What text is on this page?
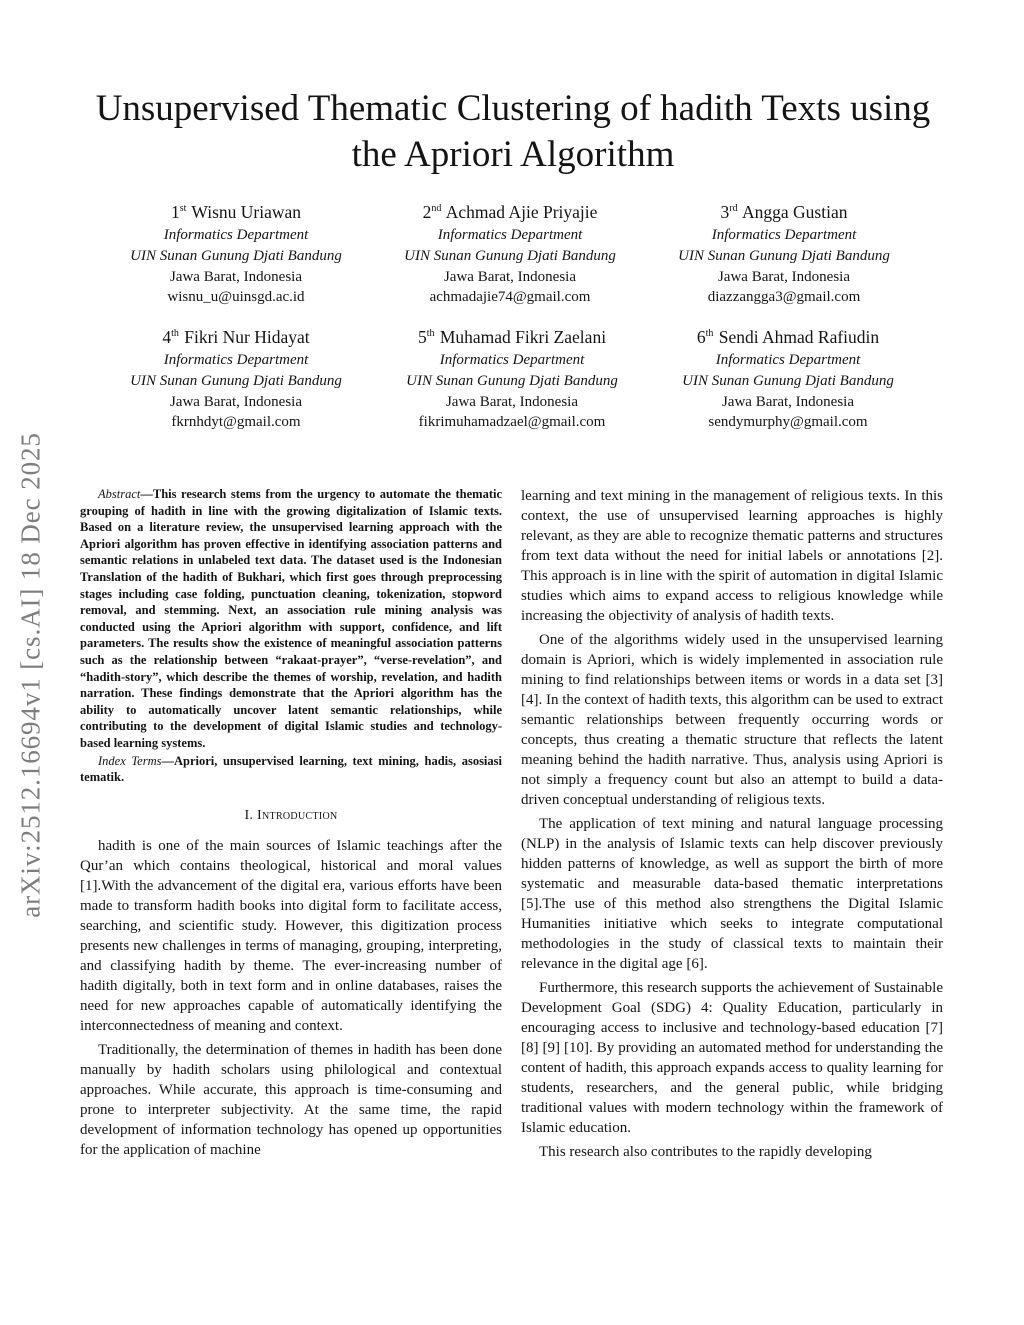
arXiv:2512.16694v1 [cs.AI] 18 Dec 2025
Unsupervised Thematic Clustering of hadith Texts using the Apriori Algorithm
1st Wisnu Uriawan
Informatics Department
UIN Sunan Gunung Djati Bandung
Jawa Barat, Indonesia
wisnu_u@uinsgd.ac.id
2nd Achmad Ajie Priyajie
Informatics Department
UIN Sunan Gunung Djati Bandung
Jawa Barat, Indonesia
achmadajie74@gmail.com
3rd Angga Gustian
Informatics Department
UIN Sunan Gunung Djati Bandung
Jawa Barat, Indonesia
diazzangga3@gmail.com
4th Fikri Nur Hidayat
Informatics Department
UIN Sunan Gunung Djati Bandung
Jawa Barat, Indonesia
fkrnhdyt@gmail.com
5th Muhamad Fikri Zaelani
Informatics Department
UIN Sunan Gunung Djati Bandung
Jawa Barat, Indonesia
fikrimuhamadzael@gmail.com
6th Sendi Ahmad Rafiudin
Informatics Department
UIN Sunan Gunung Djati Bandung
Jawa Barat, Indonesia
sendymurphy@gmail.com

Abstract—This research stems from the urgency to automate the thematic grouping of hadith in line with the growing digitalization of Islamic texts. Based on a literature review, the unsupervised learning approach with the Apriori algorithm has proven effective in identifying association patterns and semantic relations in unlabeled text data. The dataset used is the Indonesian Translation of the hadith of Bukhari, which first goes through preprocessing stages including case folding, punctuation cleaning, tokenization, stopword removal, and stemming. Next, an association rule mining analysis was conducted using the Apriori algorithm with support, confidence, and lift parameters. The results show the existence of meaningful association patterns such as the relationship between “rakaat-prayer”, “verse-revelation”, and “hadith-story”, which describe the themes of worship, revelation, and hadith narration. These findings demonstrate that the Apriori algorithm has the ability to automatically uncover latent semantic relationships, while contributing to the development of digital Islamic studies and technology-based learning systems.

Index Terms—Apriori, unsupervised learning, text mining, hadis, asosiasi tematik.

I. Introduction

hadith is one of the main sources of Islamic teachings after the Qur’an which contains theological, historical and moral values [1].With the advancement of the digital era, various efforts have been made to transform hadith books into digital form to facilitate access, searching, and scientific study. However, this digitization process presents new challenges in terms of managing, grouping, interpreting, and classifying hadith by theme. The ever-increasing number of hadith digitally, both in text form and in online databases, raises the need for new approaches capable of automatically identifying the interconnectedness of meaning and context.

Traditionally, the determination of themes in hadith has been done manually by hadith scholars using philological and contextual approaches. While accurate, this approach is time-consuming and prone to interpreter subjectivity. At the same time, the rapid development of information technology has opened up opportunities for the application of machine

learning and text mining in the management of religious texts. In this context, the use of unsupervised learning approaches is highly relevant, as they are able to recognize thematic patterns and structures from text data without the need for initial labels or annotations [2]. This approach is in line with the spirit of automation in digital Islamic studies which aims to expand access to religious knowledge while increasing the objectivity of analysis of hadith texts.

One of the algorithms widely used in the unsupervised learning domain is Apriori, which is widely implemented in association rule mining to find relationships between items or words in a data set [3] [4]. In the context of hadith texts, this algorithm can be used to extract semantic relationships between frequently occurring words or concepts, thus creating a thematic structure that reflects the latent meaning behind the hadith narrative. Thus, analysis using Apriori is not simply a frequency count but also an attempt to build a data-driven conceptual understanding of religious texts.

The application of text mining and natural language processing (NLP) in the analysis of Islamic texts can help discover previously hidden patterns of knowledge, as well as support the birth of more systematic and measurable data-based thematic interpretations [5].The use of this method also strengthens the Digital Islamic Humanities initiative which seeks to integrate computational methodologies in the study of classical texts to maintain their relevance in the digital age [6].

Furthermore, this research supports the achievement of Sustainable Development Goal (SDG) 4: Quality Education, particularly in encouraging access to inclusive and technology-based education [7] [8] [9] [10]. By providing an automated method for understanding the content of hadith, this approach expands access to quality learning for students, researchers, and the general public, while bridging traditional values with modern technology within the framework of Islamic education.

This research also contributes to the rapidly developing
